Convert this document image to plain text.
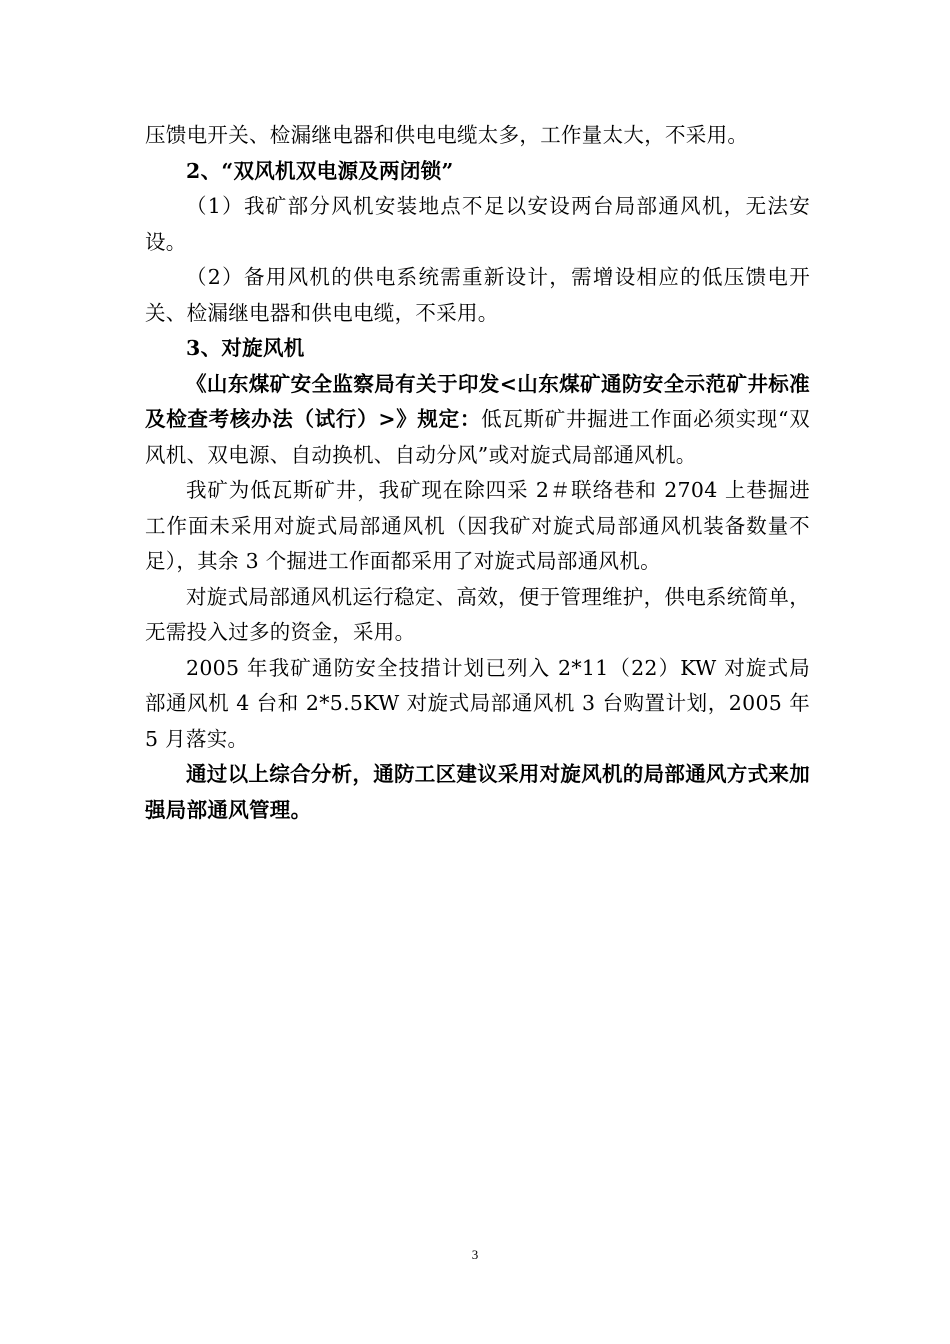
压馈电开关、检漏继电器和供电电缆太多，工作量太大，不采用。

2、“双风机双电源及两闭锁”

（1）我矿部分风机安装地点不足以安设两台局部通风机，无法安设。

（2）备用风机的供电系统需重新设计，需增设相应的低压馈电开关、检漏继电器和供电电缆，不采用。

3、对旋风机

《山东煤矿安全监察局有关于印发<山东煤矿通防安全示范矿井标准及检查考核办法（试行）>》规定：低瓦斯矿井掘进工作面必须实现“双风机、双电源、自动换机、自动分风”或对旋式局部通风机。

我矿为低瓦斯矿井，我矿现在除四采 2＃联络巷和 2704 上巷掘进工作面未采用对旋式局部通风机（因我矿对旋式局部通风机装备数量不足），其余 3 个掘进工作面都采用了对旋式局部通风机。

对旋式局部通风机运行稳定、高效，便于管理维护，供电系统简单，无需投入过多的资金，采用。

2005 年我矿通防安全技措计划已列入 2*11（22）KW 对旋式局部通风机 4 台和 2*5.5KW 对旋式局部通风机 3 台购置计划，2005 年 5 月落实。

通过以上综合分析，通防工区建议采用对旋风机的局部通风方式来加强局部通风管理。

3
